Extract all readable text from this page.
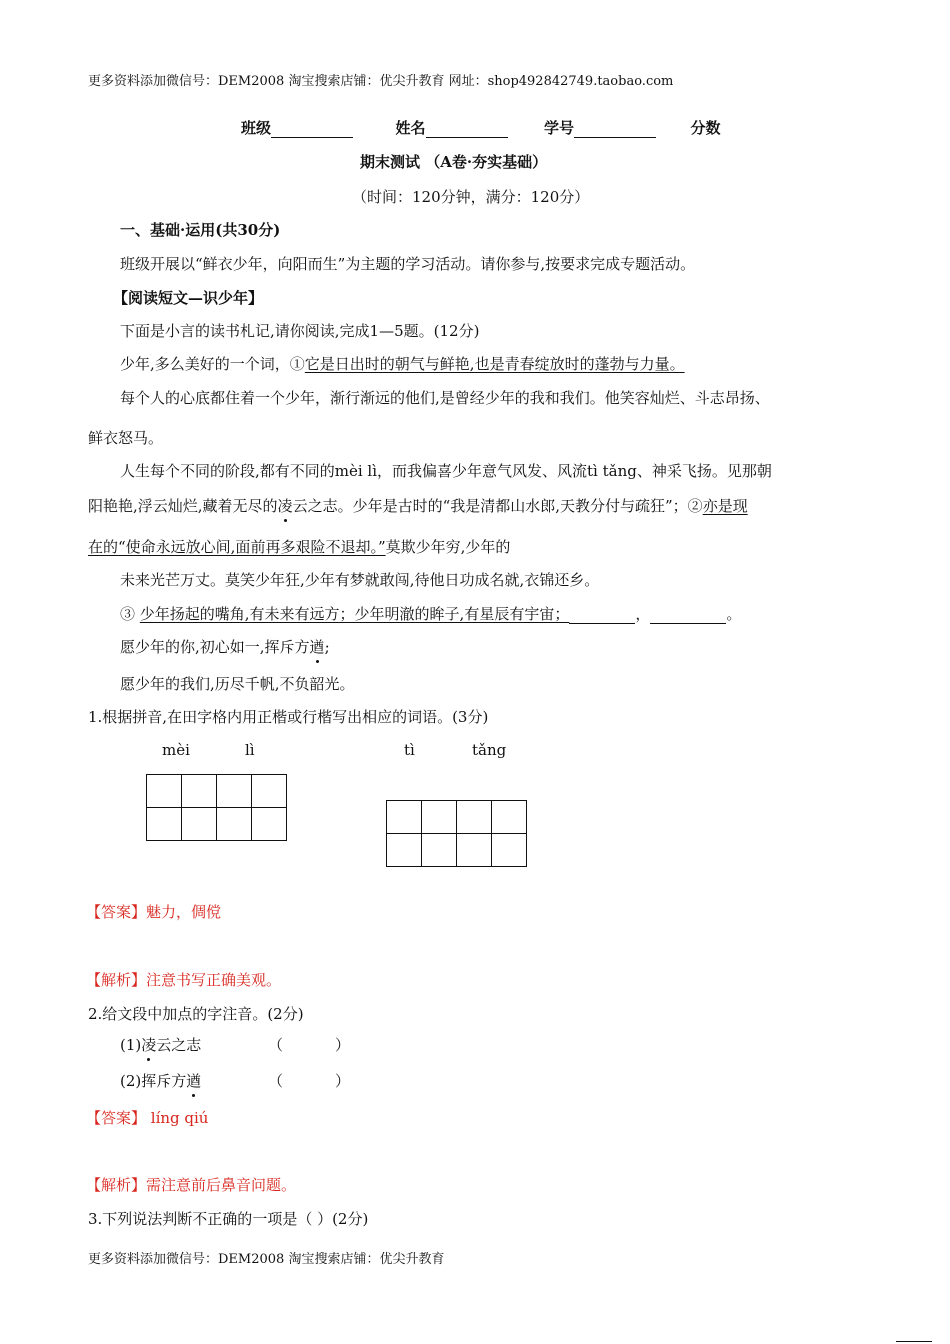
更多资料添加微信号：DEM2008 淘宝搜索店铺：优尖升教育 网址：shop492842749.taobao.com
班级	姓名	学号	分数
期末测试 （A卷·夯实基础）
（时间：120分钟，满分：120分）
一、基础·运用(共30分)
班级开展以“鲜衣少年，向阳而生”为主题的学习活动。请你参与,按要求完成专题活动。
【阅读短文—识少年】
下面是小言的读书札记,请你阅读,完成1—5题。(12分)
少年,多么美好的一个词，①它是日出时的朝气与鲜艳,也是青春绽放时的蓬勃与力量。
每个人的心底都住着一个少年，渐行渐远的他们,是曾经少年的我和我们。他笑容灿烂、斗志昂扬、
鲜衣怒马。
人生每个不同的阶段,都有不同的mèi lì，而我偏喜少年意气风发、风流tì tǎng、神采飞扬。见那朝
阳艳艳,浮云灿烂,藏着无尽的凌云之志。少年是古时的“我是清都山水郎,天教分付与疏狂”；②亦是现
在的“使命永远放心间,面前再多艰险不退却。”莫欺少年穷,少年的
未来光芒万丈。莫笑少年狂,少年有梦就敢闯,待他日功成名就,衣锦还乡。
③ 少年扬起的嘴角,有未来有远方；少年明澈的眸子,有星辰有宇宙；	，	。
愿少年的你,初心如一,挥斥方遒;
愿少年的我们,历尽千帆,不负韶光。
1.根据拼音,在田字格内用正楷或行楷写出相应的词语。(3分)
mèi	lì	tì	tǎng

【答案】魅力，倜傥
【解析】注意书写正确美观。
2.给文段中加点的字注音。(2分)
(1)凌云之志	（	）
(2)挥斥方遒	（	）
【答案】 líng qiú
【解析】需注意前后鼻音问题。
3.下列说法判断不正确的一项是（ ）(2分)
更多资料添加微信号：DEM2008 淘宝搜索店铺：优尖升教育
